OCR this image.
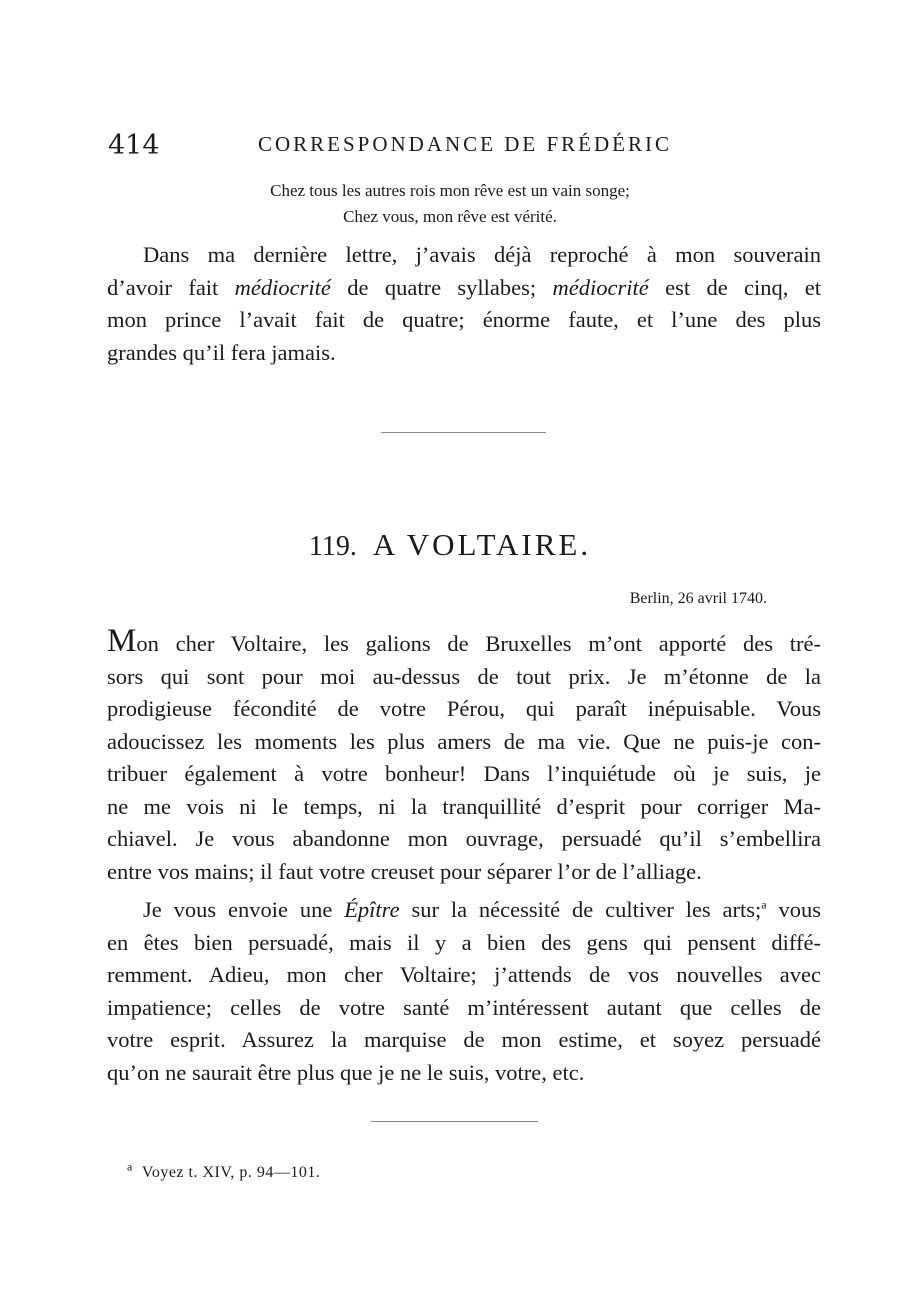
414	CORRESPONDANCE DE FRÉDÉRIC
Chez tous les autres rois mon rêve est un vain songe;
Chez vous, mon rêve est vérité.
Dans ma dernière lettre, j’avais déjà reproché à mon souverain
d’avoir fait médiocrité de quatre syllabes; médiocrité est de cinq, et
mon prince l’avait fait de quatre; énorme faute, et l’une des plus
grandes qu’il fera jamais.
119. A VOLTAIRE.
Berlin, 26 avril 1740.
Mon cher Voltaire, les galions de Bruxelles m’ont apporté des tré-
sors qui sont pour moi au-dessus de tout prix. Je m’étonne de la
prodigieuse fécondité de votre Pérou, qui paraît inépuisable. Vous
adoucissez les moments les plus amers de ma vie. Que ne puis-je con-
tribuer également à votre bonheur! Dans l’inquiétude où je suis, je
ne me vois ni le temps, ni la tranquillité d’esprit pour corriger Ma-
chiavel. Je vous abandonne mon ouvrage, persuadé qu’il s’embellira
entre vos mains; il faut votre creuset pour séparer l’or de l’alliage.
Je vous envoie une Épître sur la nécessité de cultiver les arts;$^a$ vous
en êtes bien persuadé, mais il y a bien des gens qui pensent diffé-
remment. Adieu, mon cher Voltaire; j’attends de vos nouvelles avec
impatience; celles de votre santé m’intéressent autant que celles de
votre esprit. Assurez la marquise de mon estime, et soyez persuadé
qu’on ne saurait être plus que je ne le suis, votre, etc.
$^a$ Voyez t. XIV, p. 94—101.
